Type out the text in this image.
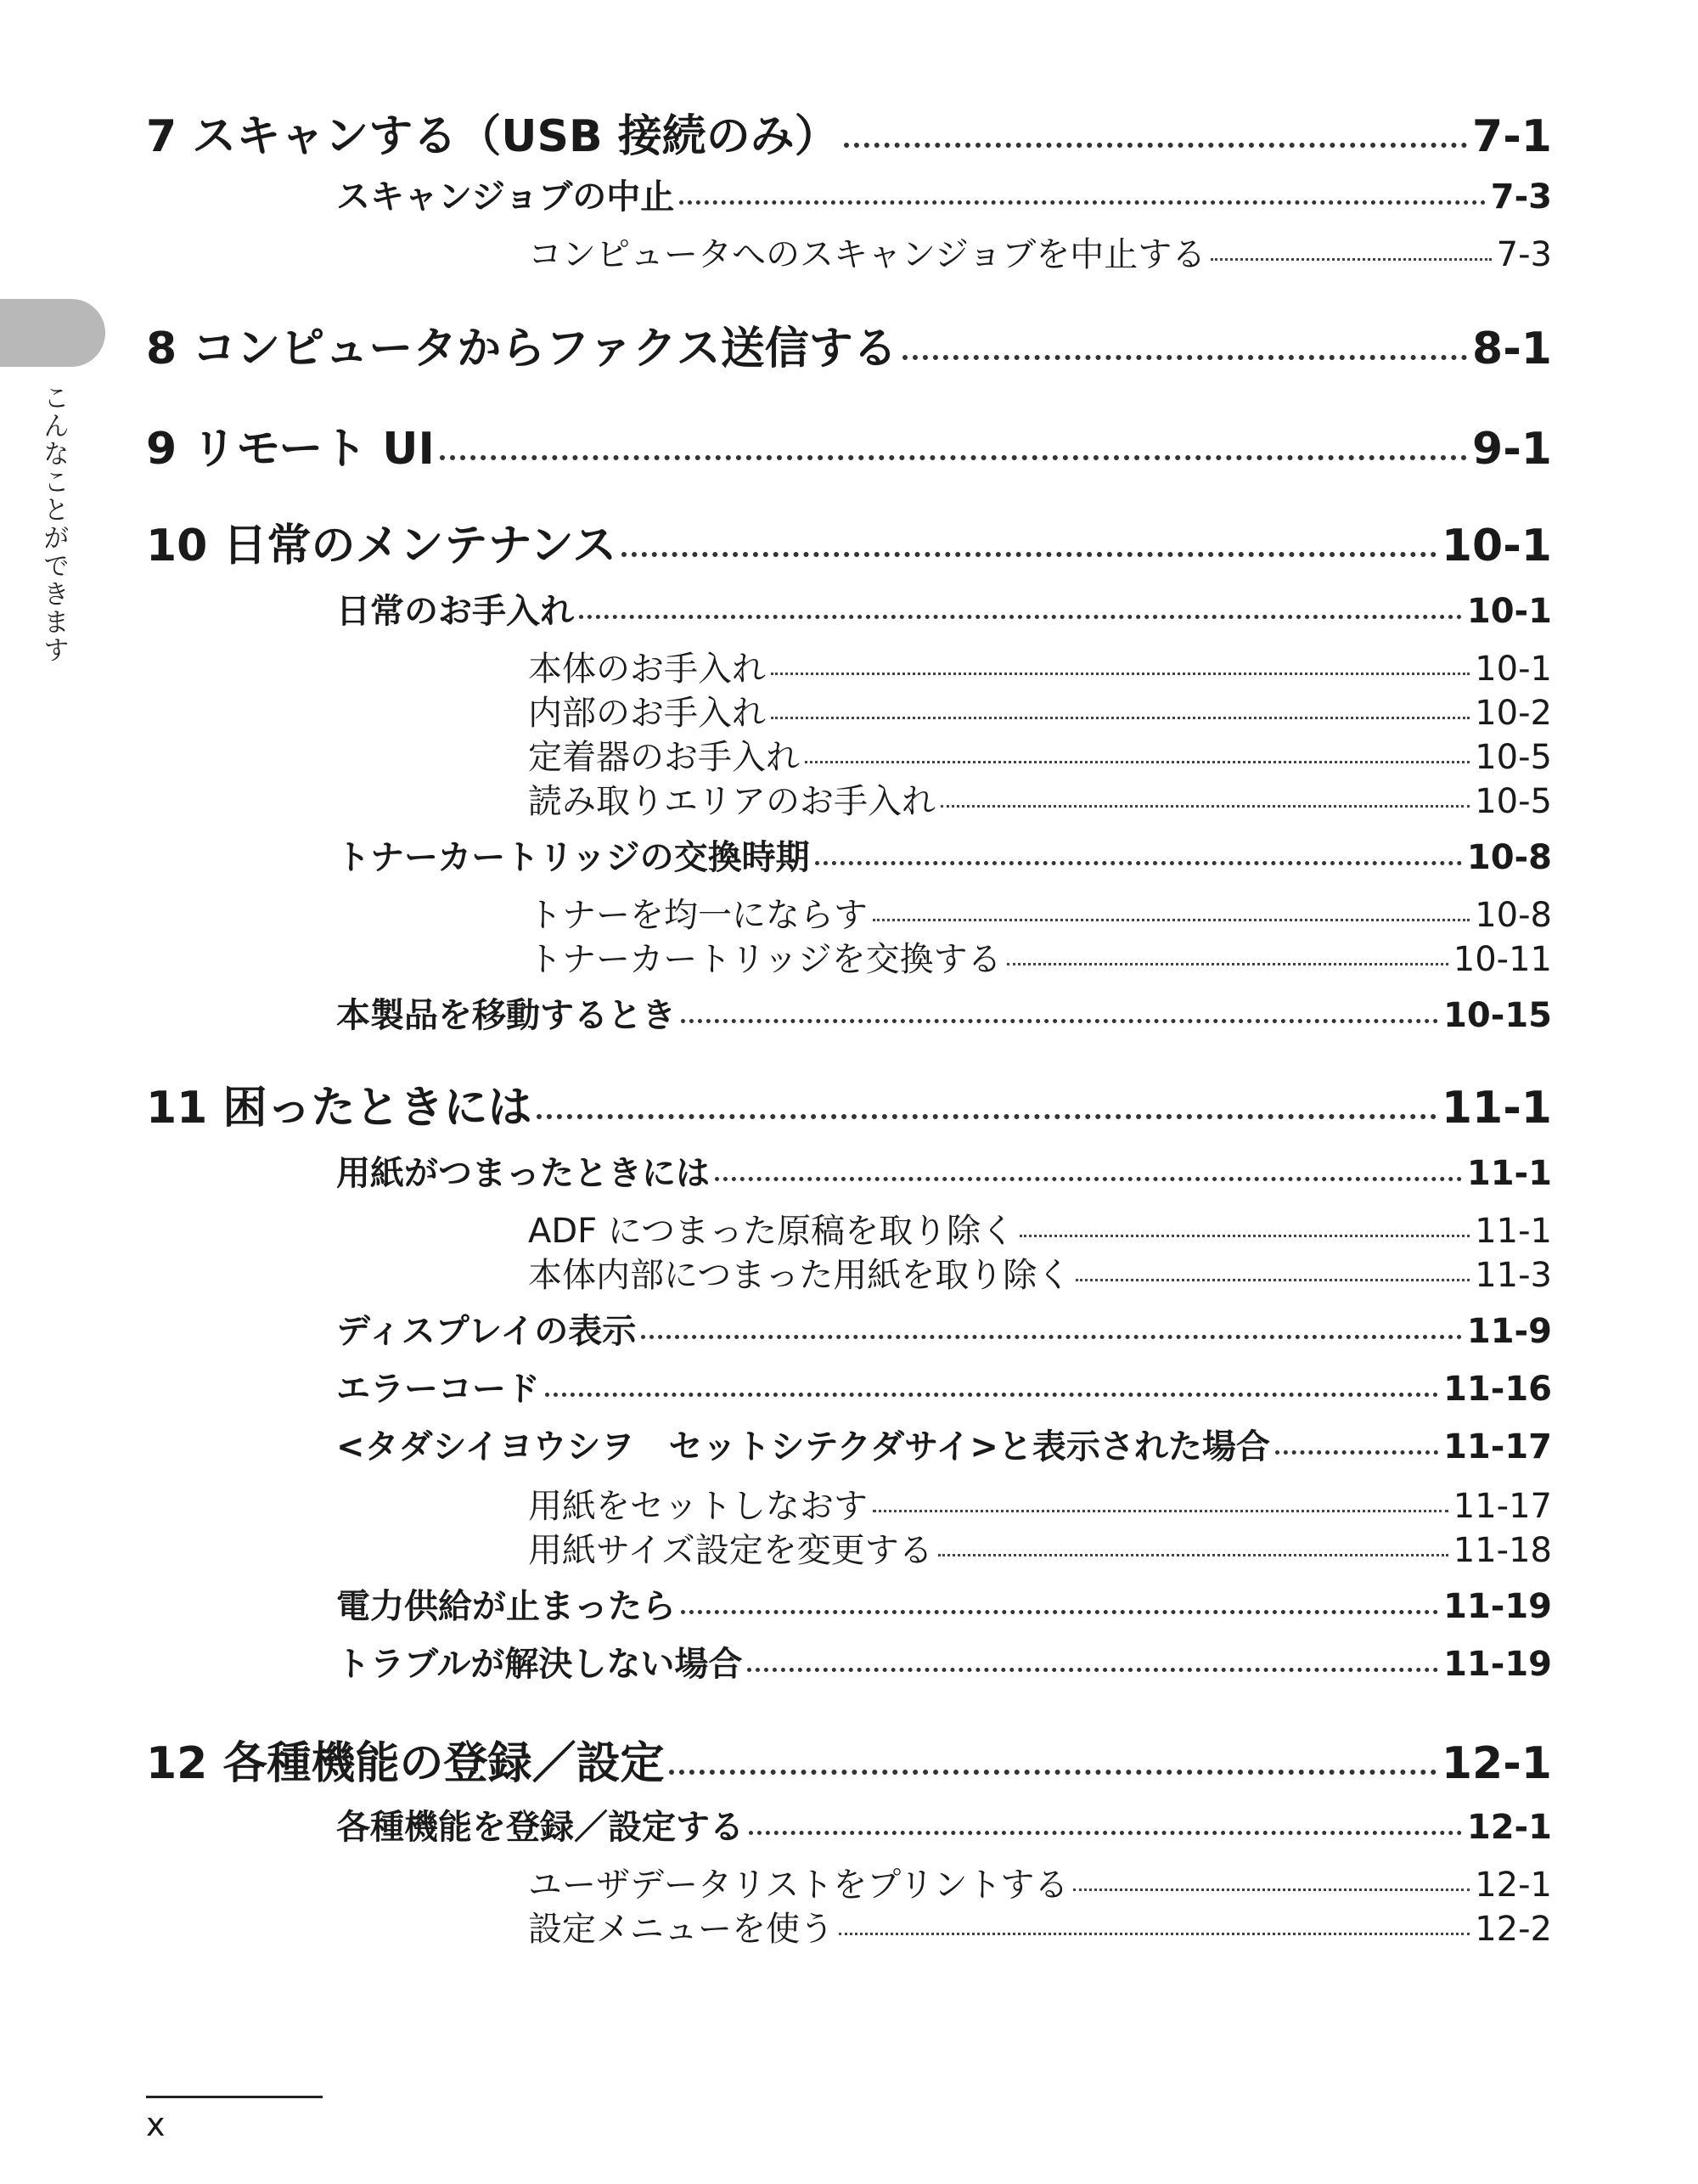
こんなことができます
7 スキャンする（USB 接続のみ）	7-1
スキャンジョブの中止	7-3
コンピュータへのスキャンジョブを中止する	7-3
8 コンピュータからファクス送信する	8-1
9 リモート UI	9-1
10 日常のメンテナンス	10-1
日常のお手入れ	10-1
本体のお手入れ	10-1
内部のお手入れ	10-2
定着器のお手入れ	10-5
読み取りエリアのお手入れ	10-5
トナーカートリッジの交換時期	10-8
トナーを均一にならす	10-8
トナーカートリッジを交換する	10-11
本製品を移動するとき	10-15
11 困ったときには	11-1
用紙がつまったときには	11-1
ADF につまった原稿を取り除く	11-1
本体内部につまった用紙を取り除く	11-3
ディスプレイの表示	11-9
エラーコード	11-16
<タダシイヨウシヲ　セットシテクダサイ>と表示された場合	11-17
用紙をセットしなおす	11-17
用紙サイズ設定を変更する	11-18
電力供給が止まったら	11-19
トラブルが解決しない場合	11-19
12 各種機能の登録／設定	12-1
各種機能を登録／設定する	12-1
ユーザデータリストをプリントする	12-1
設定メニューを使う	12-2
x
